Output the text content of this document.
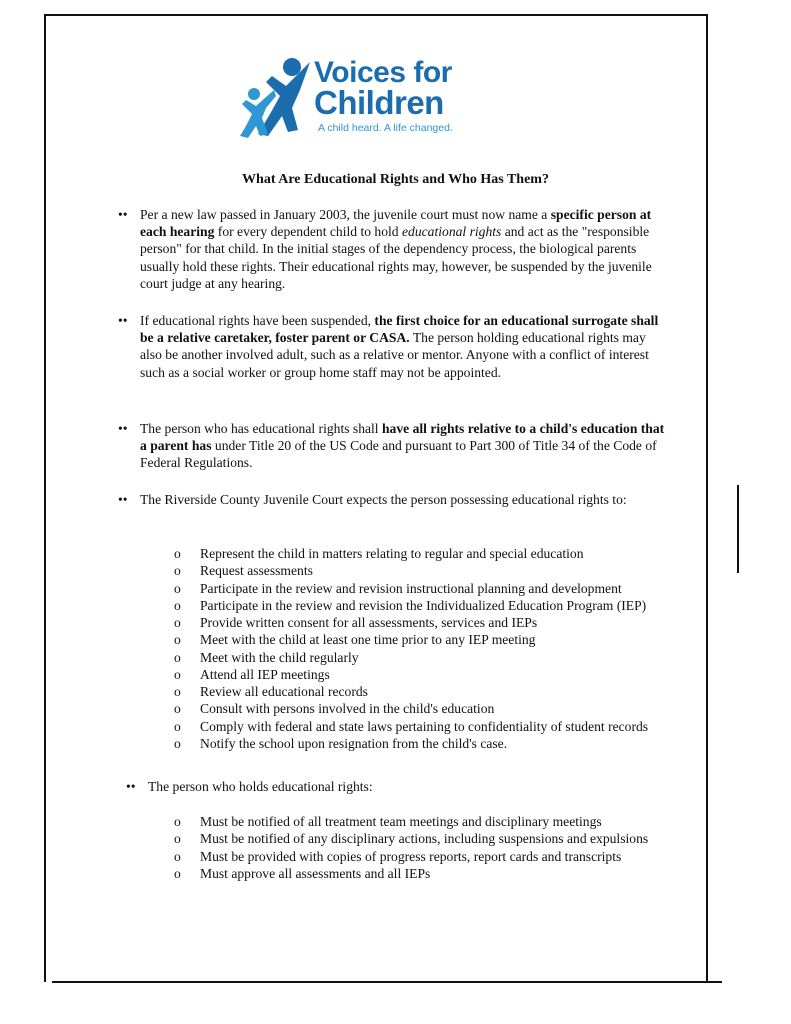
Voices for
Children
A child heard. A life changed.
What Are Educational Rights and Who Has Them?
•• Per a new law passed in January 2003, the juvenile court must now name a specific person at each hearing for every dependent child to hold educational rights and act as the "responsible person" for that child. In the initial stages of the dependency process, the biological parents usually hold these rights. Their educational rights may, however, be suspended by the juvenile court judge at any hearing.

•• If educational rights have been suspended, the first choice for an educational surrogate shall be a relative caretaker, foster parent or CASA. The person holding educational rights may also be another involved adult, such as a relative or mentor. Anyone with a conflict of interest such as a social worker or group home staff may not be appointed.

•• The person who has educational rights shall have all rights relative to a child's education that a parent has under Title 20 of the US Code and pursuant to Part 300 of Title 34 of the Code of Federal Regulations.

•• The Riverside County Juvenile Court expects the person possessing educational rights to:

o Represent the child in matters relating to regular and special education
o Request assessments
o Participate in the review and revision instructional planning and development
o Participate in the review and revision the Individualized Education Program (IEP)
o Provide written consent for all assessments, services and IEPs
o Meet with the child at least one time prior to any IEP meeting
o Meet with the child regularly
o Attend all IEP meetings
o Review all educational records
o Consult with persons involved in the child's education
o Comply with federal and state laws pertaining to confidentiality of student records
o Notify the school upon resignation from the child's case.
•• The person who holds educational rights:

o Must be notified of all treatment team meetings and disciplinary meetings
o Must be notified of any disciplinary actions, including suspensions and expulsions
o Must be provided with copies of progress reports, report cards and transcripts
o Must approve all assessments and all IEPs
